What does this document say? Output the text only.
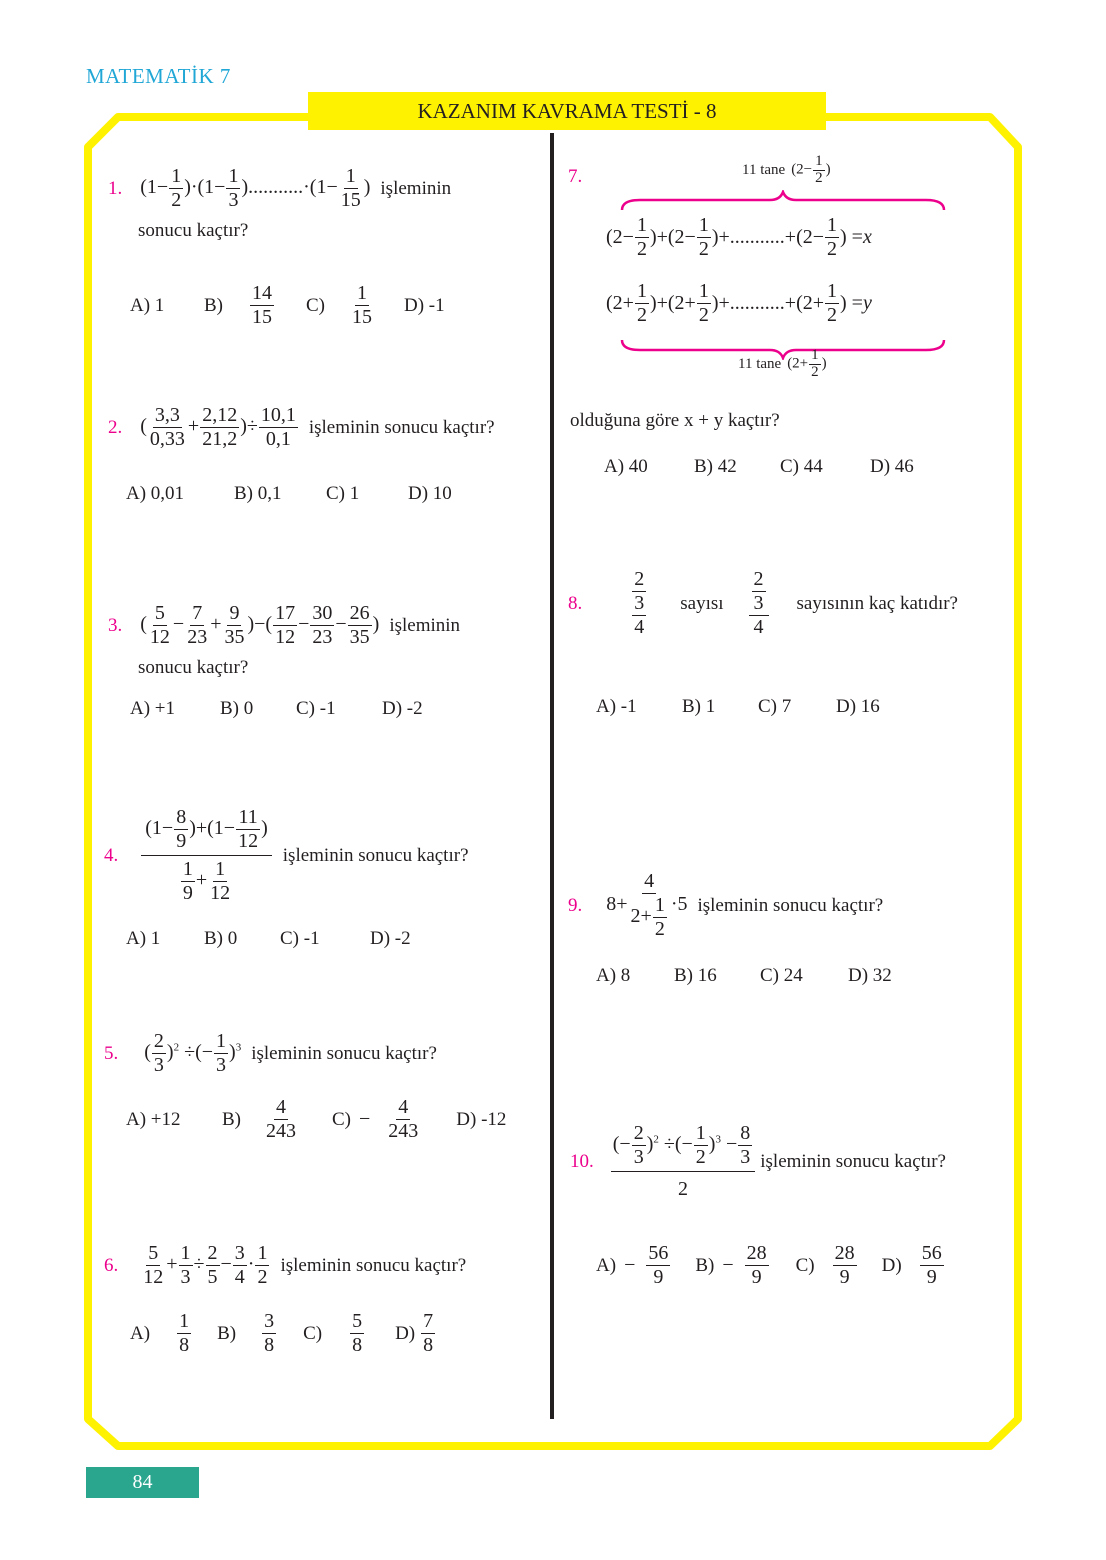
MATEMATİK 7
KAZANIM KAVRAMA TESTİ - 8
1. $(1- \frac{1}{2} )\cdot(1- \frac{1}{3} )...........\cdot(1- \frac{1}{15}$ ) işleminin
sonucu kaçtır?
A) 1	B)
14
15
C)
1
15
D) -1
2. ( $\frac{3,3}{0,33} + \frac{2,12}{21,2}$ )÷ $\frac{10,1}{0,1}$ işleminin sonucu kaçtır?
A) 0,01	B) 0,1	C) 1	D) 10
3. ( $\frac{5}{12} - \frac{7}{23} + \frac{9}{35}$ )−( $\frac{17}{12} - \frac{30}{23} - \frac{26}{35}$ ) işleminin
sonucu kaçtır?
A) +1	B) 0	C) -1	D) -2
4.
$(1- \frac{8}{9} )+(1- \frac{11}{12}$ )
$\frac{1}{9} + \frac{1}{12}$
işleminin sonucu kaçtır?
A) 1	B) 0	C) -1	D) -2
5. ( $\frac{2}{3} )^2$ ÷(− $\frac{1}{3} )^3$ işleminin sonucu kaçtır?
A) +12	B)
4
243
$C) - \frac{4}{243} D$) -12
6. $\frac{5}{12} + \frac{1}{3} \div \frac{2}{5} - \frac{3}{4} \cdot \frac{1}{2}$ işleminin sonucu kaçtır?
A)
1
8
B)
3
8
C)
5
8
D)
7
8
7.	11 tane ($2- \frac{1}{2}$ )
(2−
1
2
)+(2−
1
2
)+...........+(2−
1
2
) = x
(2+
1
2
)+(2+
1
2
)+...........+(2+
1
2
) = y
11 tane ($2+ \frac{1}{2}$ )
olduğuna göre x + y kaçtır?
A) 40	B) 42	C) 44	D) 46
8.
2
$\frac{3}{4}$ sayısı $\frac{2}{3}$
4
sayısının kaç katıdır?
A) -1	B) 1	C) 7	D) 16
9. $8+ \frac{4}{2+ \frac{1}{2}} \cdot 5$ işleminin sonucu kaçtır?
A) 8	B) 16	C) 24	D) 32
10.
(− $\frac{2}{3} )^2$ ÷(− $\frac{1}{2} )^3 - \frac{8}{3}$
2
işleminin sonucu kaçtır?
$A) - \frac{56}{9} B) - \frac{28}{9} C$)
28
9
D)
56
9
84
